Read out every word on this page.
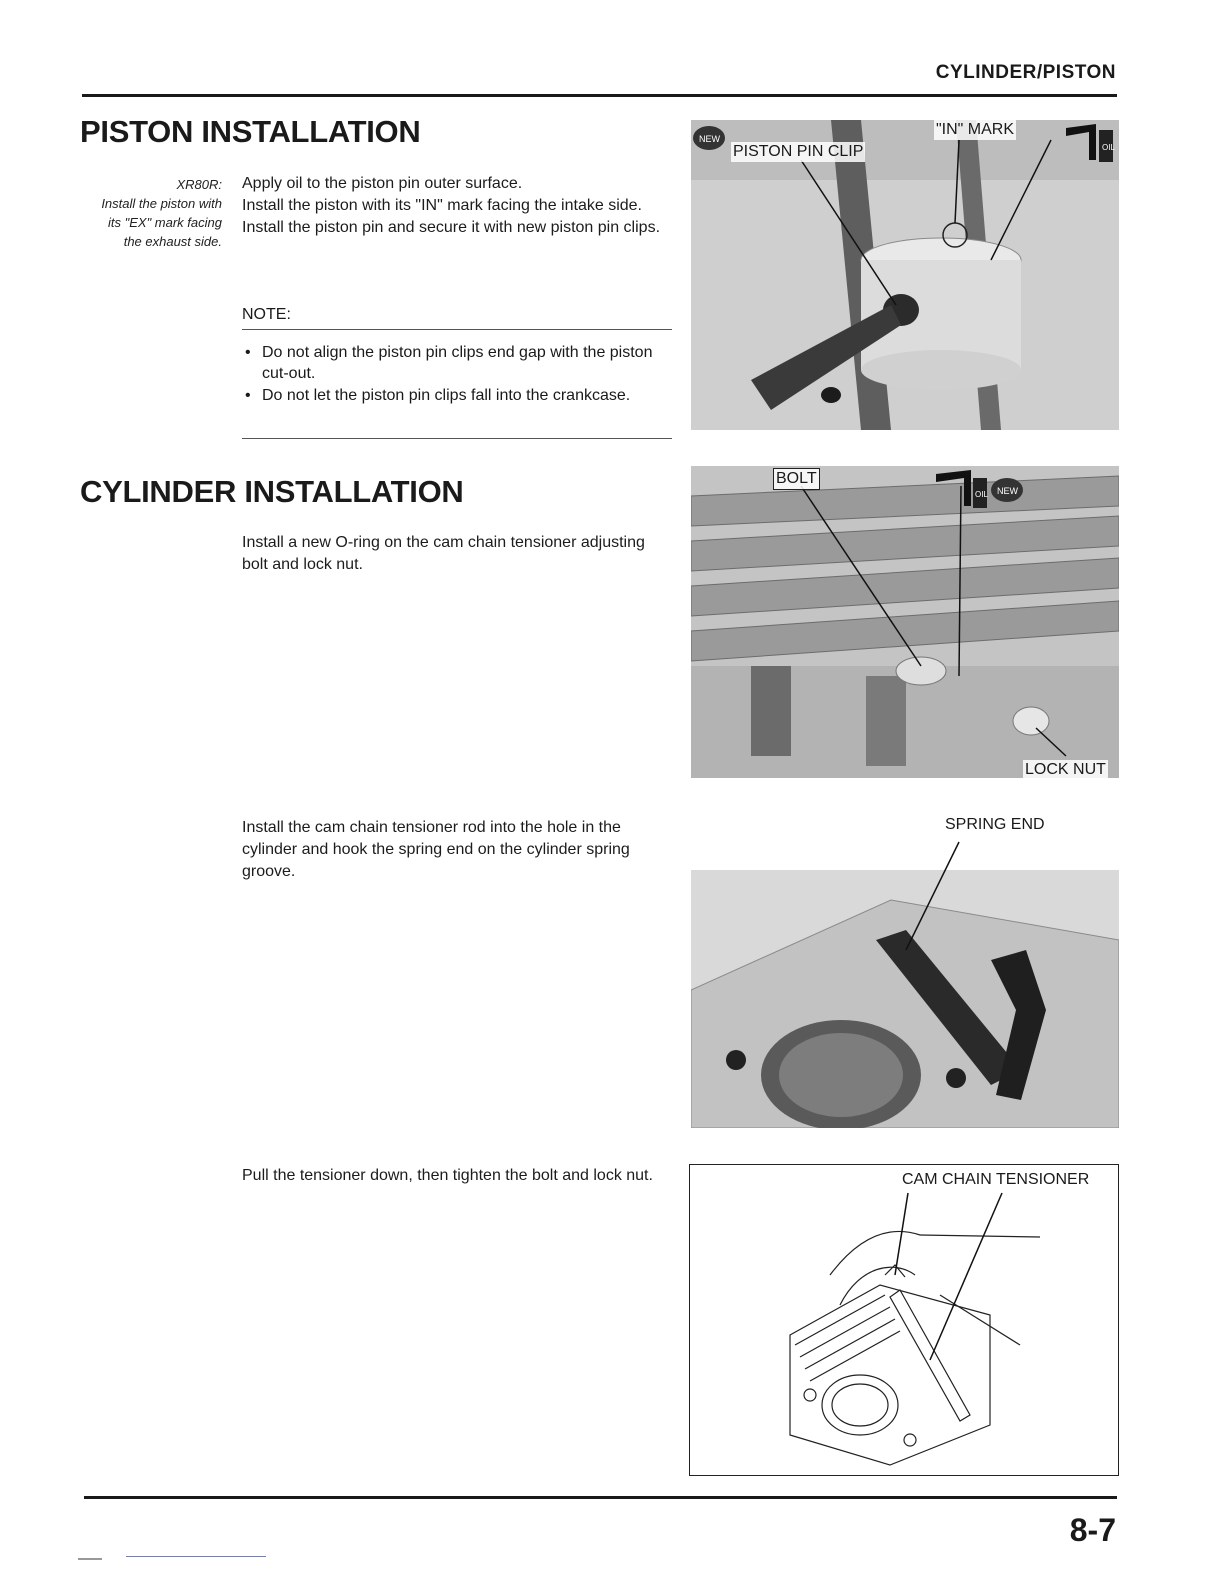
CYLINDER/PISTON
PISTON INSTALLATION
XR80R:
Install the piston with its "EX" mark facing the exhaust side.
Apply oil to the piston pin outer surface.
Install the piston with its "IN" mark facing the intake side.
Install the piston pin and secure it with new piston pin clips.
NOTE:
• Do not align the piston pin clips end gap with the piston cut-out.
• Do not let the piston pin clips fall into the crankcase.
OIL
NEW
PISTON PIN CLIP
"IN" MARK
CYLINDER INSTALLATION
Install a new O-ring on the cam chain tensioner adjusting bolt and lock nut.
OIL NEW
BOLT
LOCK NUT
Install the cam chain tensioner rod into the hole in the cylinder and hook the spring end on the cylinder spring groove.
SPRING END
Pull the tensioner down, then tighten the bolt and lock nut.	CAM CHAIN TENSIONER
8-7
